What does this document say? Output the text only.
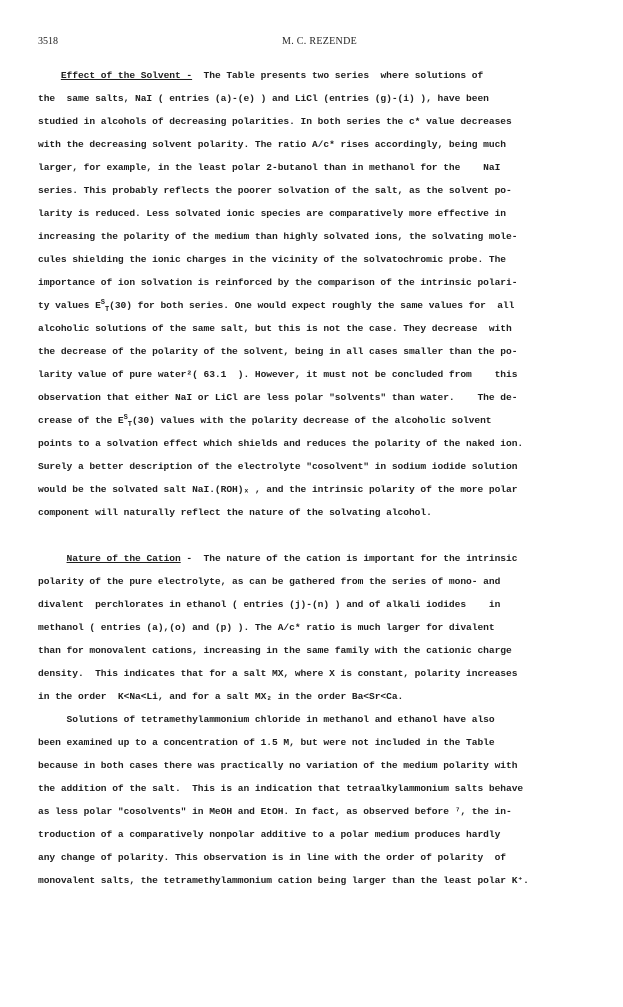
3518	M. C. REZENDE
Effect of the Solvent -  The Table presents two series  where solutions of
the  same salts, NaI ( entries (a)-(e) ) and LiCl (entries (g)-(i) ), have been
studied in alcohols of decreasing polarities. In both series the c* value decreases
with the decreasing solvent polarity. The ratio A/c* rises accordingly, being much
larger, for example, in the least polar 2-butanol than in methanol for the    NaI
series. This probably reflects the poorer solvation of the salt, as the solvent po-
larity is reduced. Less solvated ionic species are comparatively more effective in
increasing the polarity of the medium than highly solvated ions, the solvating mole-
cules shielding the ionic charges in the vicinity of the solvatochromic probe. The
importance of ion solvation is reinforced by the comparison of the intrinsic polari-
ty values $E^S_T(30)$ for both series. One would expect roughly the same values for  all
alcoholic solutions of the same salt, but this is not the case. They decrease  with
the decrease of the polarity of the solvent, being in all cases smaller than the po-
larity value of pure water²( 63.1  ). However, it must not be concluded from    this
observation that either NaI or LiCl are less polar "solvents" than water.    The de-
crease of the $E^S_T(30)$ values with the polarity decrease of the alcoholic solvent
points to a solvation effect which shields and reduces the polarity of the naked ion.
Surely a better description of the electrolyte "cosolvent" in sodium iodide solution
would be the solvated salt NaI.(ROH)ₓ , and the intrinsic polarity of the more polar
component will naturally reflect the nature of the solvating alcohol.
Nature of the Cation -  The nature of the cation is important for the intrinsic
polarity of the pure electrolyte, as can be gathered from the series of mono- and
divalent  perchlorates in ethanol ( entries (j)-(n) ) and of alkali iodides    in
methanol ( entries (a),(o) and (p) ). The A/c* ratio is much larger for divalent
than for monovalent cations, increasing in the same family with the cationic charge
density.  This indicates that for a salt MX, where X is constant, polarity increases
in the order  K<Na<Li, and for a salt MX₂ in the order Ba<Sr<Ca.
Solutions of tetramethylammonium chloride in methanol and ethanol have also
been examined up to a concentration of 1.5 M, but were not included in the Table
because in both cases there was practically no variation of the medium polarity with
the addition of the salt.  This is an indication that tetraalkylammonium salts behave
as less polar "cosolvents" in MeOH and EtOH. In fact, as observed before ⁷, the in-
troduction of a comparatively nonpolar additive to a polar medium produces hardly
any change of polarity. This observation is in line with the order of polarity  of
monovalent salts, the tetramethylammonium cation being larger than the least polar K⁺.
